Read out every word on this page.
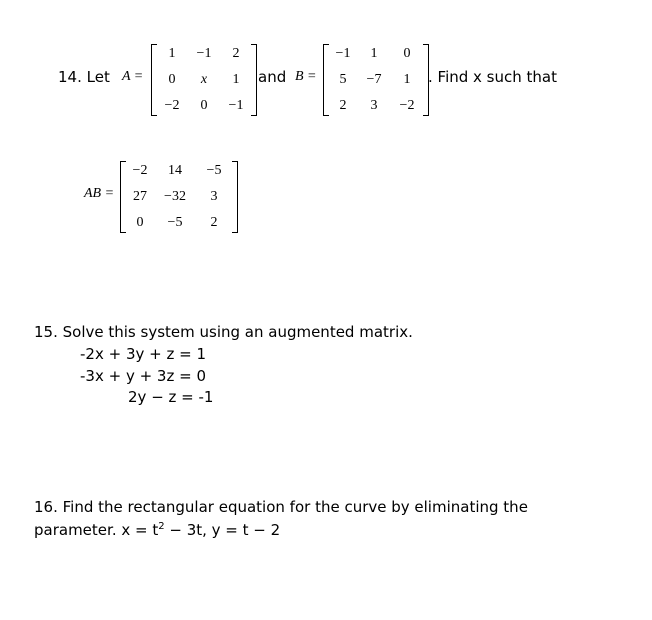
14. Let A =
1	−1	2
0	x	1
−2	0	−1
and B =
−1	1	0
5	−7	1
2	3	−2
. Find x such that
AB =
−2	14	−5
27	−32	3
0	−5	2
15. Solve this system using an augmented matrix.
-2x + 3y + z = 1
-3x + y + 3z = 0
2y − z = -1
16. Find the rectangular equation for the curve by eliminating the
parameter. $x = t^2 - 3t$, y = t − 2
